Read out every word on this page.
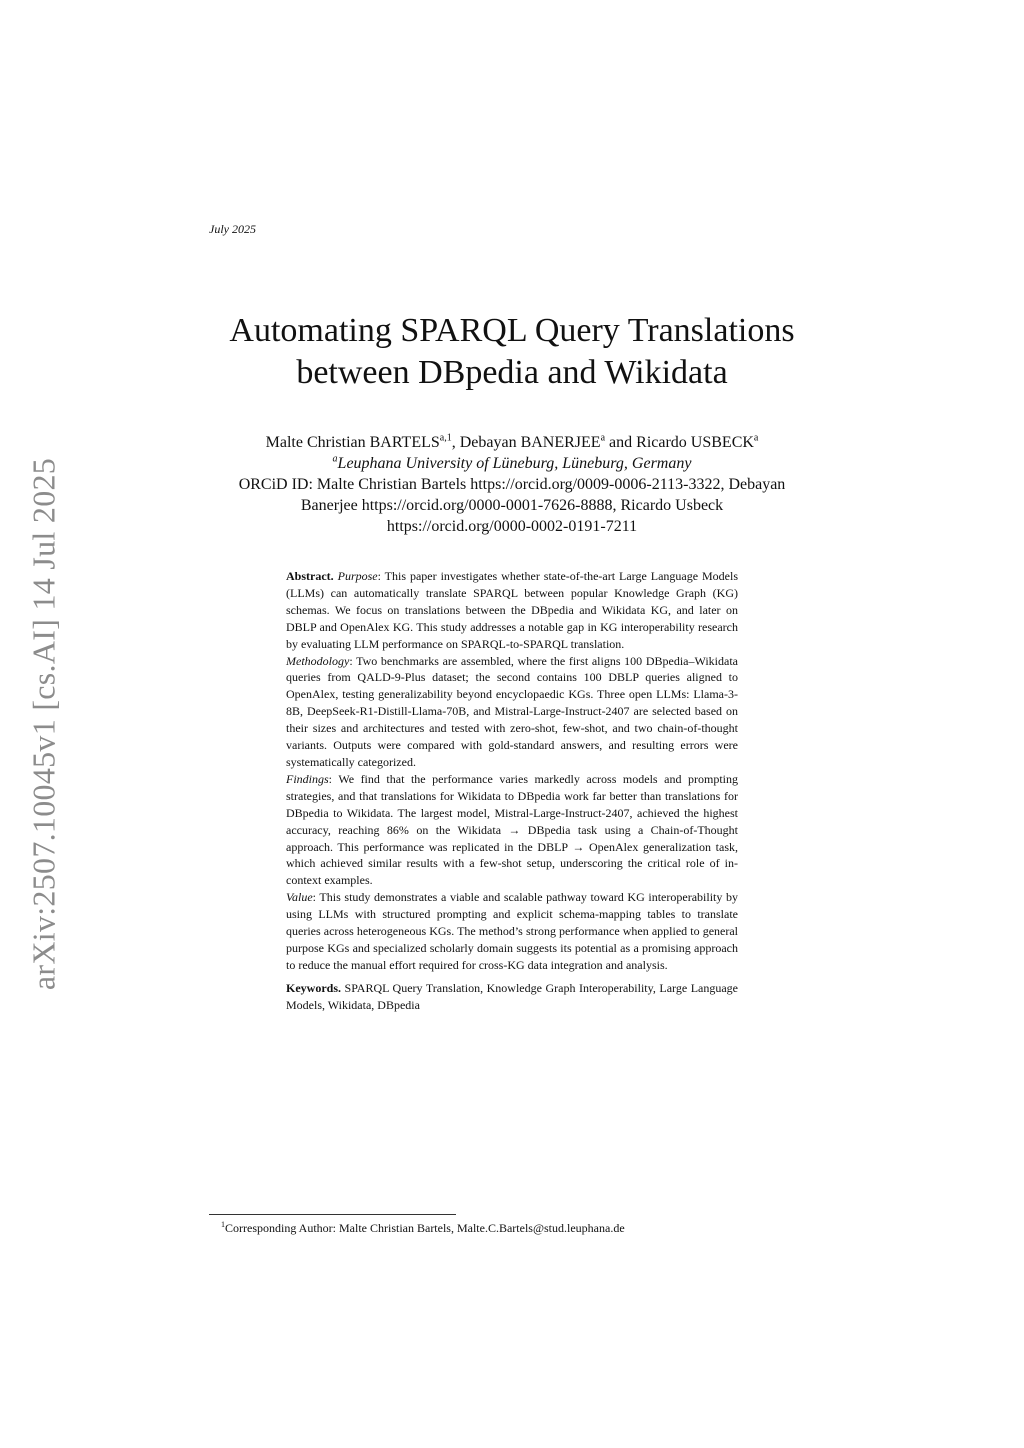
arXiv:2507.10045v1 [cs.AI] 14 Jul 2025
July 2025
Automating SPARQL Query Translations
between DBpedia and Wikidata
Malte Christian BARTELS$^{a,1}$, Debayan BANERJEE$^a$ and Ricardo USBECK$^a$
$^a$Leuphana University of Lüneburg, Lüneburg, Germany
ORCiD ID: Malte Christian Bartels https://orcid.org/0009-0006-2113-3322, Debayan
Banerjee https://orcid.org/0000-0001-7626-8888, Ricardo Usbeck
https://orcid.org/0000-0002-0191-7211

Abstract. Purpose: This paper investigates whether state-of-the-art Large Language Models (LLMs) can automatically translate SPARQL between popular Knowledge Graph (KG) schemas. We focus on translations between the DBpedia and Wikidata KG, and later on DBLP and OpenAlex KG. This study addresses a notable gap in KG interoperability research by evaluating LLM performance on SPARQL-to-SPARQL translation.

Methodology: Two benchmarks are assembled, where the first aligns 100 DBpedia–Wikidata queries from QALD-9-Plus dataset; the second contains 100 DBLP queries aligned to OpenAlex, testing generalizability beyond encyclopaedic KGs. Three open LLMs: Llama-3-8B, DeepSeek-R1-Distill-Llama-70B, and Mistral-Large-Instruct-2407 are selected based on their sizes and architectures and tested with zero-shot, few-shot, and two chain-of-thought variants. Outputs were compared with gold-standard answers, and resulting errors were systematically categorized.

Findings: We find that the performance varies markedly across models and prompting strategies, and that translations for Wikidata to DBpedia work far better than translations for DBpedia to Wikidata. The largest model, Mistral-Large-Instruct-2407, achieved the highest accuracy, reaching 86% on the Wikidata → DBpedia task using a Chain-of-Thought approach. This performance was replicated in the DBLP → OpenAlex generalization task, which achieved similar results with a few-shot setup, underscoring the critical role of in-context examples.

Value: This study demonstrates a viable and scalable pathway toward KG interoperability by using LLMs with structured prompting and explicit schema-mapping tables to translate queries across heterogeneous KGs. The method’s strong performance when applied to general purpose KGs and specialized scholarly domain suggests its potential as a promising approach to reduce the manual effort required for cross-KG data integration and analysis.

Keywords. SPARQL Query Translation, Knowledge Graph Interoperability, Large Language Models, Wikidata, DBpedia

$^1$Corresponding Author: Malte Christian Bartels, Malte.C.Bartels@stud.leuphana.de
